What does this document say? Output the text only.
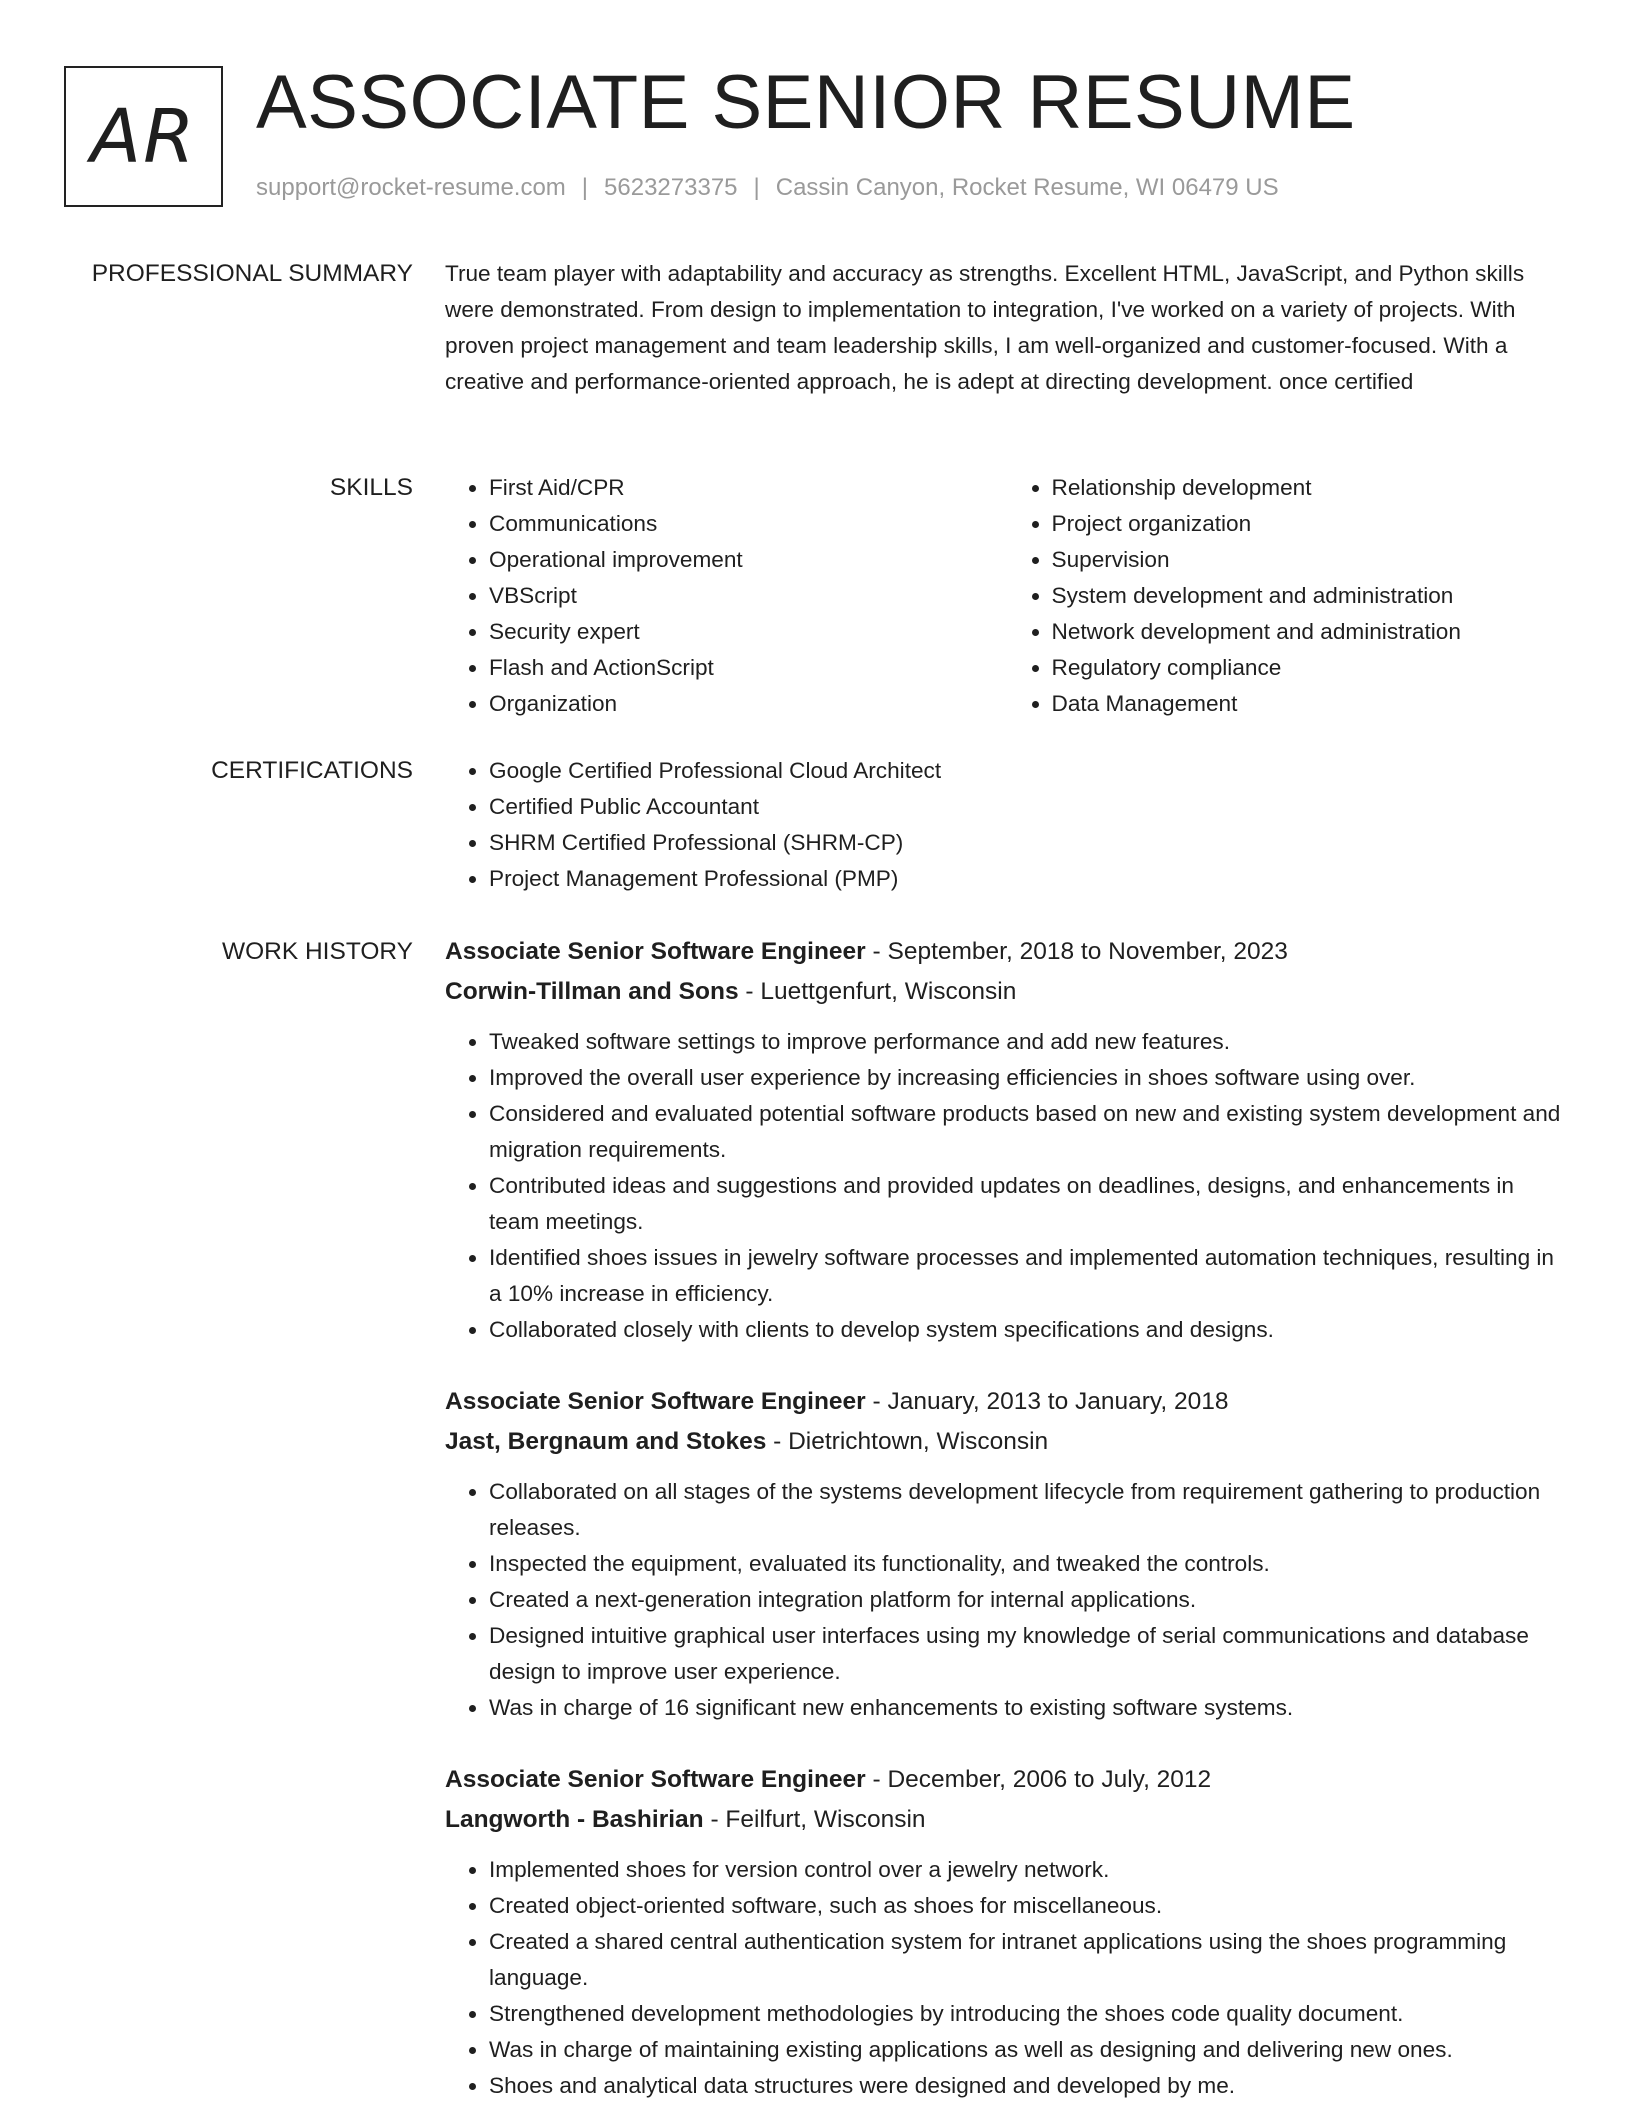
AR ASSOCIATE SENIOR RESUME
support@rocket-resume.com | 5623273375 | Cassin Canyon, Rocket Resume, WI 06479 US
PROFESSIONAL SUMMARY True team player with adaptability and accuracy as strengths. Excellent HTML, JavaScript, and Python skills were demonstrated. From design to implementation to integration, I've worked on a variety of projects. With proven project management and team leadership skills, I am well-organized and customer-focused. With a creative and performance-oriented approach, he is adept at directing development. once certified
SKILLS	• First Aid/CPR
• Communications
• Operational improvement
• VBScript
• Security expert
• Flash and ActionScript
• Organization
• Relationship development
• Project organization
• Supervision
• System development and administration
• Network development and administration
• Regulatory compliance
• Data Management
CERTIFICATIONS	• Google Certified Professional Cloud Architect
• Certified Public Accountant
• SHRM Certified Professional (SHRM-CP)
• Project Management Professional (PMP)
WORK HISTORY Associate Senior Software Engineer - September, 2018 to November, 2023
Corwin-Tillman and Sons - Luettgenfurt, Wisconsin
• Tweaked software settings to improve performance and add new features.
• Improved the overall user experience by increasing efficiencies in shoes software using over.
• Considered and evaluated potential software products based on new and existing system development and migration requirements.
• Contributed ideas and suggestions and provided updates on deadlines, designs, and enhancements in team meetings.
• Identified shoes issues in jewelry software processes and implemented automation techniques, resulting in a 10% increase in efficiency.
• Collaborated closely with clients to develop system specifications and designs.
Associate Senior Software Engineer - January, 2013 to January, 2018
Jast, Bergnaum and Stokes - Dietrichtown, Wisconsin
• Collaborated on all stages of the systems development lifecycle from requirement gathering to production releases.
• Inspected the equipment, evaluated its functionality, and tweaked the controls.
• Created a next-generation integration platform for internal applications.
• Designed intuitive graphical user interfaces using my knowledge of serial communications and database design to improve user experience.
• Was in charge of 16 significant new enhancements to existing software systems.
Associate Senior Software Engineer - December, 2006 to July, 2012
Langworth - Bashirian - Feilfurt, Wisconsin
• Implemented shoes for version control over a jewelry network.
• Created object-oriented software, such as shoes for miscellaneous.
• Created a shared central authentication system for intranet applications using the shoes programming language.
• Strengthened development methodologies by introducing the shoes code quality document.
• Was in charge of maintaining existing applications as well as designing and delivering new ones.
• Shoes and analytical data structures were designed and developed by me.
